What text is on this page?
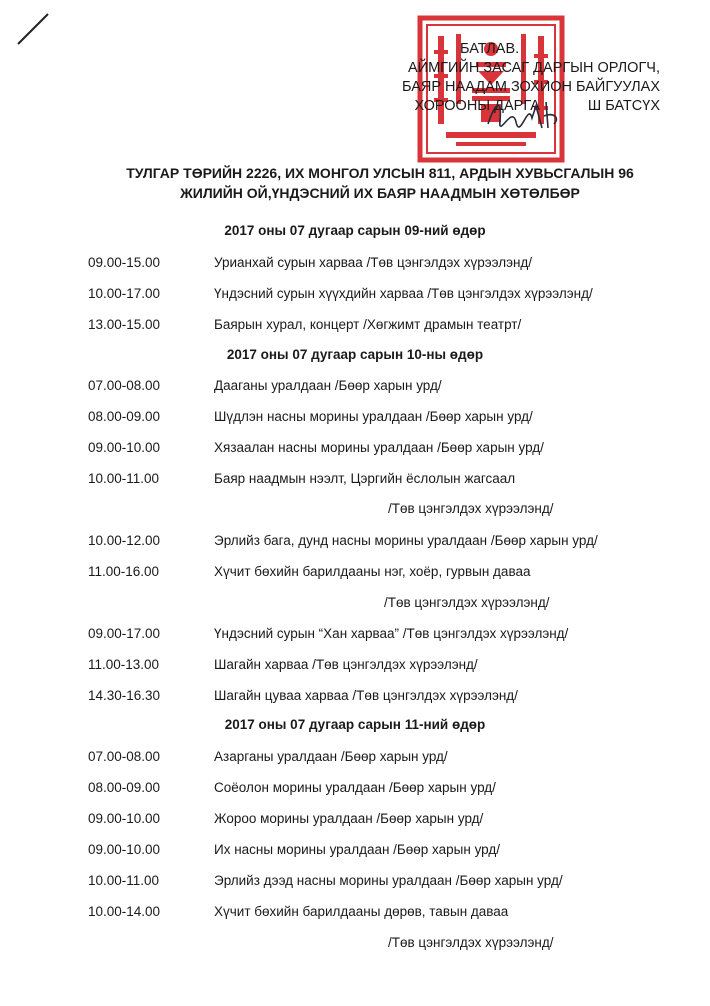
БАТЛАВ.
АЙМГИЙН ЗАСАГ ДАРГЫН ОРЛОГЧ,
БАЯР НААДАМ ЗОХИОН БАЙГУУЛАХ
ХОРООНЫ ДАРГА	Ш БАТСҮХ
ТУЛГАР ТӨРИЙН 2226, ИХ МОНГОЛ УЛСЫН 811, АРДЫН ХУВЬСГАЛЫН 96
ЖИЛИЙН ОЙ,ҮНДЭСНИЙ ИХ БАЯР НААДМЫН ХӨТӨЛБӨР
2017 оны 07 дугаар сарын 09-ний өдөр
09.00-15.00	Урианхай сурын харваа /Төв цэнгэлдэх хүрээлэнд/
10.00-17.00	Үндэсний сурын хүүхдийн харваа /Төв цэнгэлдэх хүрээлэнд/
13.00-15.00	Баярын хурал, концерт /Хөгжимт драмын театрт/
2017 оны 07 дугаар сарын 10-ны өдөр
07.00-08.00	Дааганы уралдаан /Бөөр харын урд/
08.00-09.00	Шүдлэн насны морины уралдаан /Бөөр харын урд/
09.00-10.00	Хязаалан насны морины уралдаан /Бөөр харын урд/
10.00-11.00	Баяр наадмын нээлт, Цэргийн ёслолын жагсаал
/Төв цэнгэлдэх хүрээлэнд/
10.00-12.00	Эрлийз бага, дунд насны морины уралдаан /Бөөр харын урд/
11.00-16.00	Хүчит бөхийн барилдааны нэг, хоёр, гурвын даваа
/Төв цэнгэлдэх хүрээлэнд/
09.00-17.00	Үндэсний сурын “Хан харваа” /Төв цэнгэлдэх хүрээлэнд/
11.00-13.00	Шагайн харваа /Төв цэнгэлдэх хүрээлэнд/
14.30-16.30	Шагайн цуваа харваа /Төв цэнгэлдэх хүрээлэнд/
2017 оны 07 дугаар сарын 11-ний өдөр
07.00-08.00	Азарганы уралдаан /Бөөр харын урд/
08.00-09.00	Соёолон морины уралдаан /Бөөр харын урд/
09.00-10.00	Жороо морины уралдаан /Бөөр харын урд/
09.00-10.00	Их насны морины уралдаан /Бөөр харын урд/
10.00-11.00	Эрлийз дээд насны морины уралдаан /Бөөр харын урд/
10.00-14.00	Хүчит бөхийн барилдааны дөрөв, тавын даваа
/Төв цэнгэлдэх хүрээлэнд/
